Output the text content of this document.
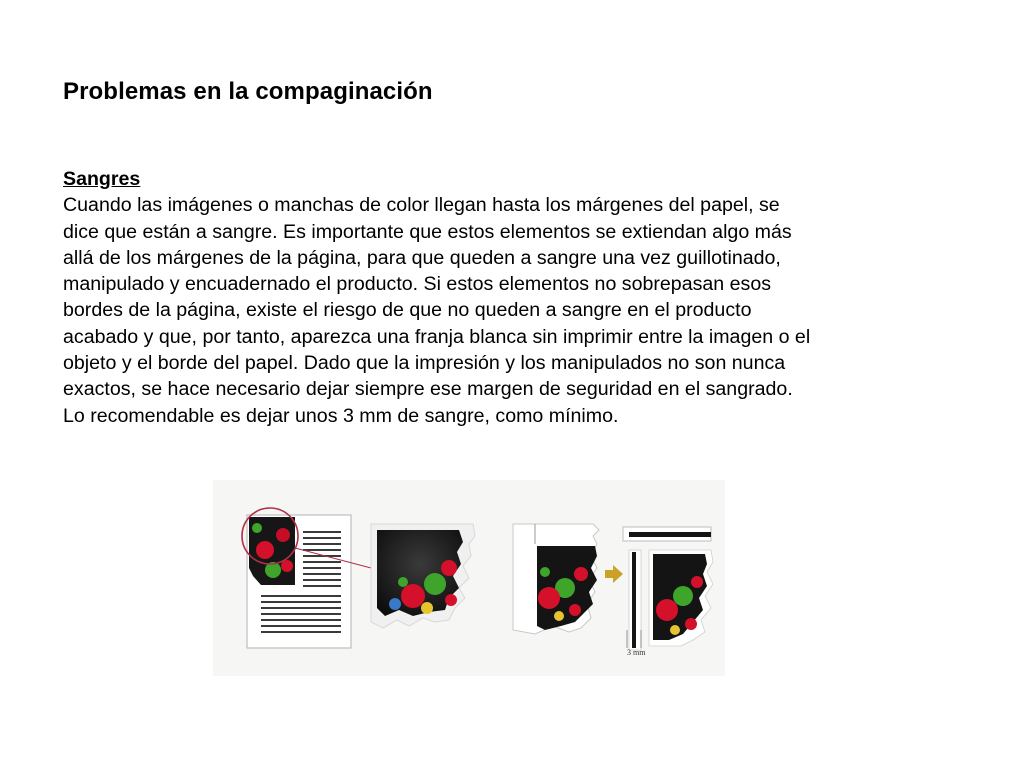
Problemas en la compaginación
Sangres
Cuando las imágenes o manchas de color llegan hasta los márgenes del papel, se
dice que están a sangre. Es importante que estos elementos se extiendan algo más
allá de los márgenes de la página, para que queden a sangre una vez guillotinado,
manipulado y encuadernado el producto. Si estos elementos no sobrepasan esos
bordes de la página, existe el riesgo de que no queden a sangre en el producto
acabado y que, por tanto, aparezca una franja blanca sin imprimir entre la imagen o el
objeto y el borde del papel. Dado que la impresión y los manipulados no son nunca
exactos, se hace necesario dejar siempre ese margen de seguridad en el sangrado.
Lo recomendable es dejar unos 3 mm de sangre, como mínimo.
3 mm
